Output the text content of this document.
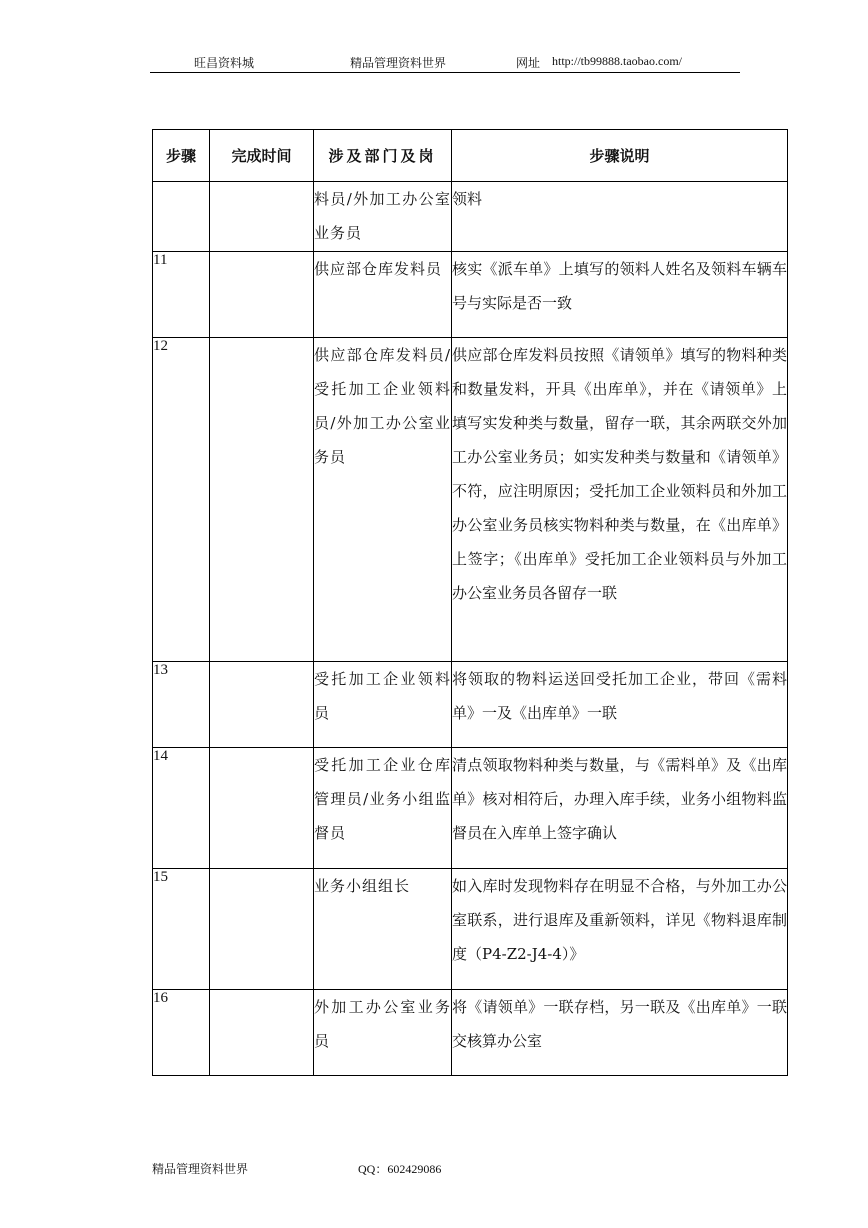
旺昌资料城	精品管理资料世界	网址 http://tb99888.taobao.com/
步骤	完成时间	涉及部门及岗	步骤说明
		料员/外加工办公室业务员	领料
11		供应部仓库发料员	核实《派车单》上填写的领料人姓名及领料车辆车号与实际是否一致
12		供应部仓库发料员/受托加工企业领料员/外加工办公室业务员	供应部仓库发料员按照《请领单》填写的物料种类和数量发料，开具《出库单》，并在《请领单》上填写实发种类与数量，留存一联，其余两联交外加工办公室业务员；如实发种类与数量和《请领单》不符，应注明原因；受托加工企业领料员和外加工办公室业务员核实物料种类与数量，在《出库单》上签字；《出库单》受托加工企业领料员与外加工办公室业务员各留存一联
13		受托加工企业领料员	将领取的物料运送回受托加工企业，带回《需料单》一及《出库单》一联
14		受托加工企业仓库管理员/业务小组监督员	清点领取物料种类与数量，与《需料单》及《出库单》核对相符后，办理入库手续，业务小组物料监督员在入库单上签字确认
15		业务小组组长	如入库时发现物料存在明显不合格，与外加工办公室联系，进行退库及重新领料，详见《物料退库制度（P4-Z2-J4-4）》
16		外加工办公室业务员	将《请领单》一联存档，另一联及《出库单》一联交核算办公室
精品管理资料世界	QQ：602429086
